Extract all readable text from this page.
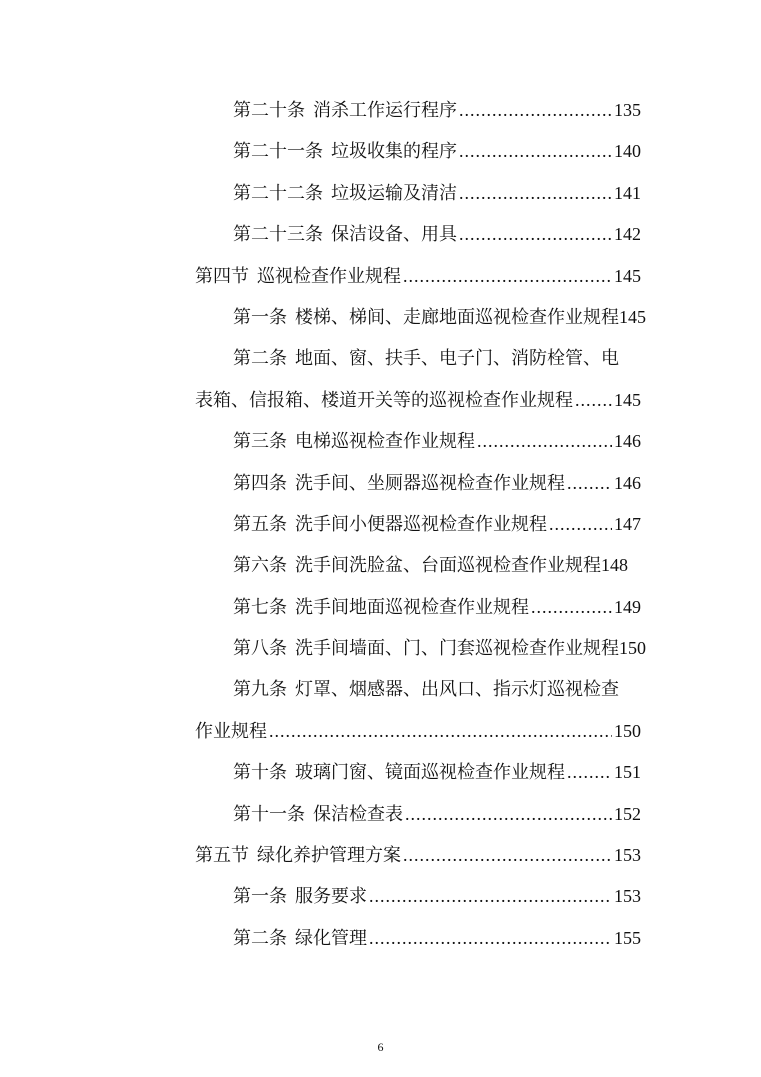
第二十条 消杀工作运行程序 .....	135
第二十一条 垃圾收集的程序 .....	140
第二十二条 垃圾运输及清洁 .....	141
第二十三条 保洁设备、用具 .....	142
第四节 巡视检查作业规程 .....	145
第一条 楼梯、梯间、走廊地面巡视检查作业规程 145
第二条 地面、窗、扶手、电子门、消防栓管、电
表箱、信报箱、楼道开关等的巡视检查作业规程 ..... 145
第三条 电梯巡视检查作业规程 .....	146
第四条 洗手间、坐厕器巡视检查作业规程 .....	146
第五条 洗手间小便器巡视检查作业规程 .....	147
第六条 洗手间洗脸盆、台面巡视检查作业规程 148
第七条 洗手间地面巡视检查作业规程 .....	149
第八条 洗手间墙面、门、门套巡视检查作业规程 150
第九条 灯罩、烟感器、出风口、指示灯巡视检查
作业规程 .....	150
第十条 玻璃门窗、镜面巡视检查作业规程 .....	151
第十一条 保洁检查表 .....	152
第五节 绿化养护管理方案 .....	153
第一条 服务要求 .....	153
第二条 绿化管理 .....	155
6
